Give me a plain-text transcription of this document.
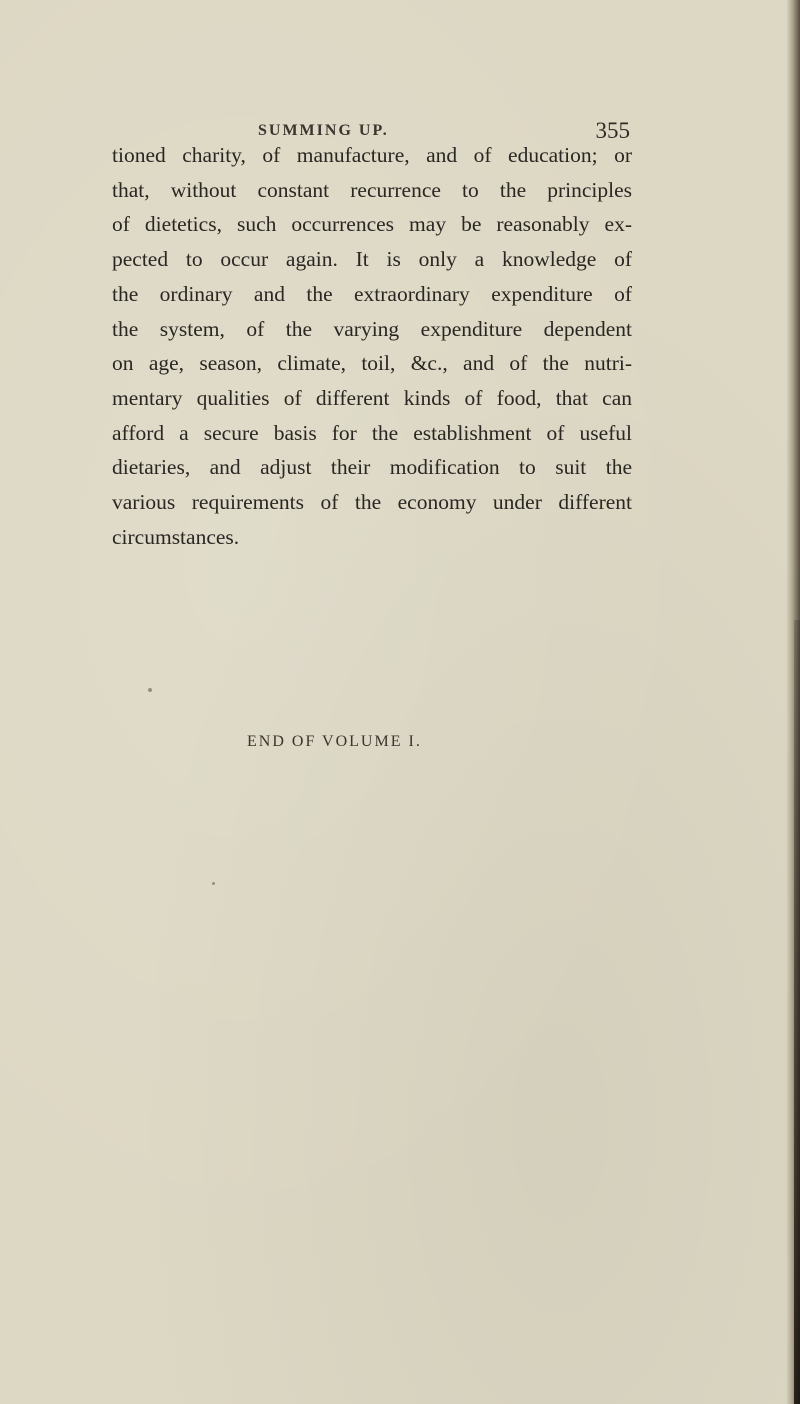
SUMMING UP.	355
tioned charity, of manufacture, and of education; or
that, without constant recurrence to the principles
of dietetics, such occurrences may be reasonably ex-
pected to occur again. It is only a knowledge of
the ordinary and the extraordinary expenditure of
the system, of the varying expenditure dependent
on age, season, climate, toil, &c., and of the nutri-
mentary qualities of different kinds of food, that can
afford a secure basis for the establishment of useful
dietaries, and adjust their modification to suit the
various requirements of the economy under different
circumstances.
END OF VOLUME I.
